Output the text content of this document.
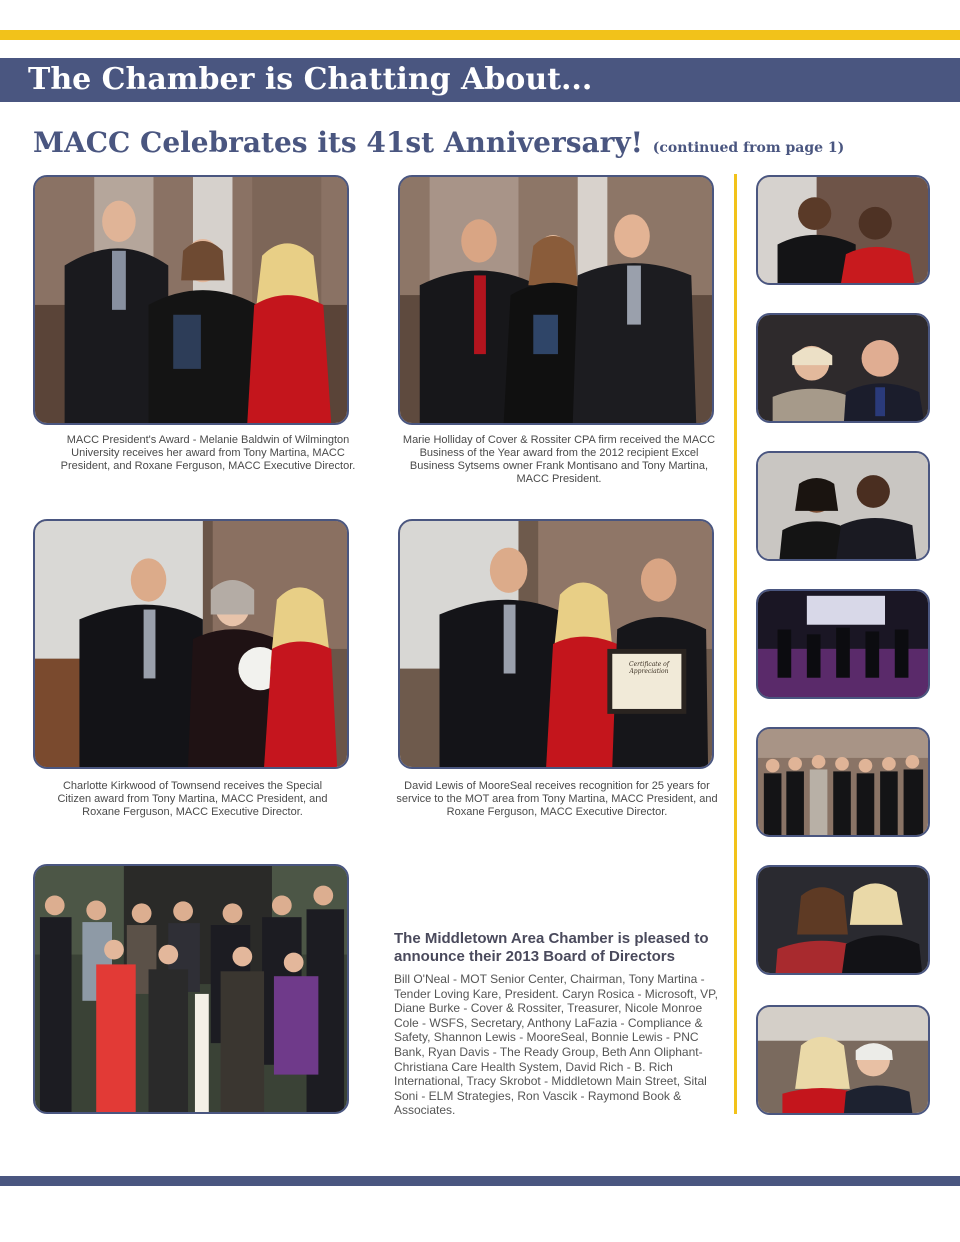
The Chamber is Chatting About...
MACC Celebrates its 41st Anniversary! (continued from page 1)
MACC President's Award - Melanie Baldwin of Wilmington University receives her award from Tony Martina, MACC President, and Roxane Ferguson, MACC Executive Director.
Marie Holliday of Cover & Rossiter CPA firm received the MACC Business of the Year award from the 2012 recipient Excel Business Sytsems owner Frank Montisano and Tony Martina, MACC President.
Charlotte Kirkwood of Townsend receives the Special Citizen award from Tony Martina, MACC President, and Roxane Ferguson, MACC Executive Director.
Certificate of Appreciation
David Lewis of MooreSeal receives recognition for 25 years for service to the MOT area from Tony Martina, MACC President, and Roxane Ferguson, MACC Executive Director.
The Middletown Area Chamber is pleased to announce their 2013 Board of Directors
Bill O'Neal - MOT Senior Center, Chairman, Tony Martina -Tender Loving Kare, President. Caryn Rosica - Microsoft, VP, Diane Burke - Cover & Rossiter, Treasurer, Nicole Monroe Cole - WSFS, Secretary, Anthony LaFazia - Compliance & Safety, Shannon Lewis - MooreSeal, Bonnie Lewis - PNC Bank, Ryan Davis - The Ready Group, Beth Ann Oliphant- Christiana Care Health System, David Rich - B. Rich International, Tracy Skrobot - Middletown Main Street, Sital Soni - ELM Strategies, Ron Vascik - Raymond Book & Associates.
